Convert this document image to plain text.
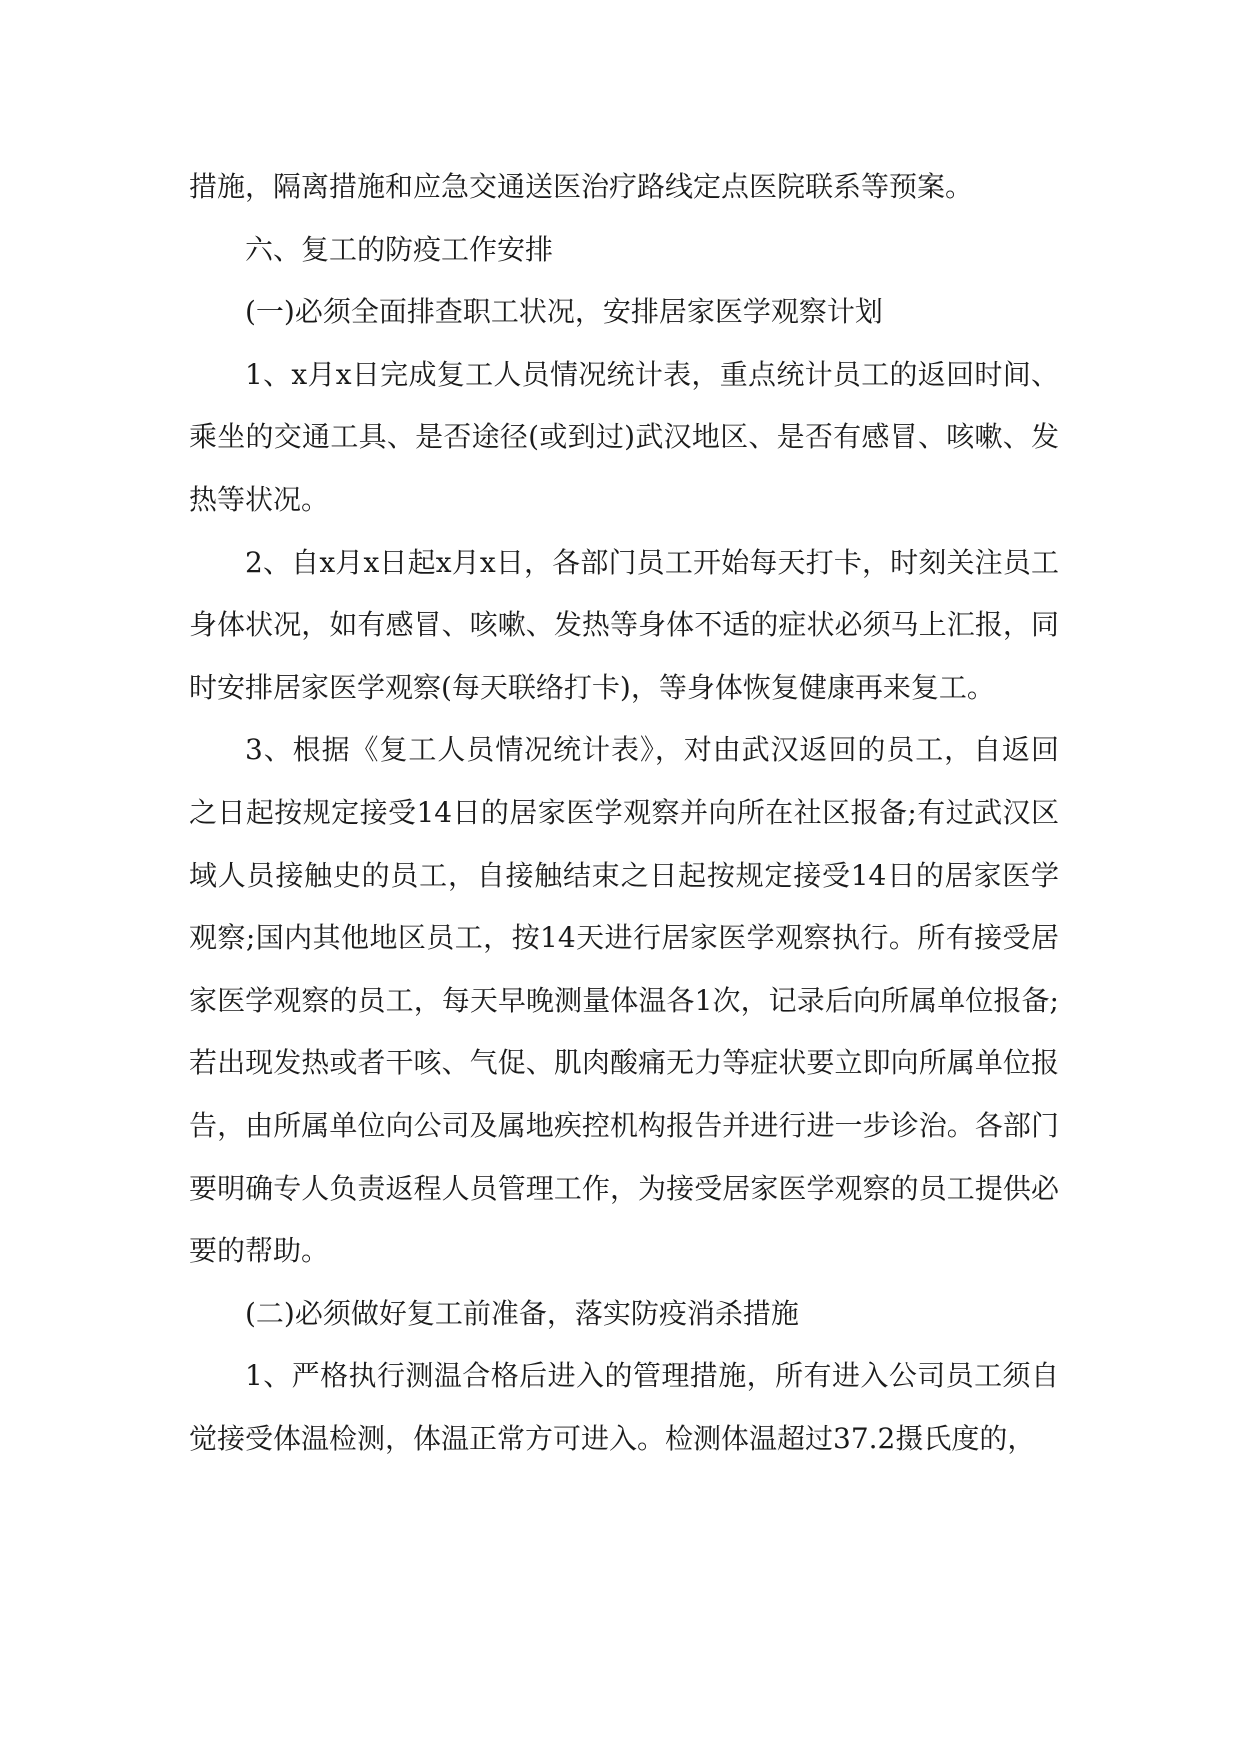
措施，隔离措施和应急交通送医治疗路线定点医院联系等预案。

六、复工的防疫工作安排

(一)必须全面排查职工状况，安排居家医学观察计划

1、x月x日完成复工人员情况统计表，重点统计员工的返回时间、乘坐的交通工具、是否途径(或到过)武汉地区、是否有感冒、咳嗽、发热等状况。

2、自x月x日起x月x日，各部门员工开始每天打卡，时刻关注员工身体状况，如有感冒、咳嗽、发热等身体不适的症状必须马上汇报，同时安排居家医学观察(每天联络打卡)，等身体恢复健康再来复工。

3、根据《复工人员情况统计表》，对由武汉返回的员工，自返回之日起按规定接受14日的居家医学观察并向所在社区报备;有过武汉区域人员接触史的员工，自接触结束之日起按规定接受14日的居家医学观察;国内其他地区员工，按14天进行居家医学观察执行。所有接受居家医学观察的员工，每天早晚测量体温各1次，记录后向所属单位报备;若出现发热或者干咳、气促、肌肉酸痛无力等症状要立即向所属单位报告，由所属单位向公司及属地疾控机构报告并进行进一步诊治。各部门要明确专人负责返程人员管理工作，为接受居家医学观察的员工提供必要的帮助。

(二)必须做好复工前准备，落实防疫消杀措施

1、严格执行测温合格后进入的管理措施，所有进入公司员工须自觉接受体温检测，体温正常方可进入。检测体温超过37.2摄氏度的，
